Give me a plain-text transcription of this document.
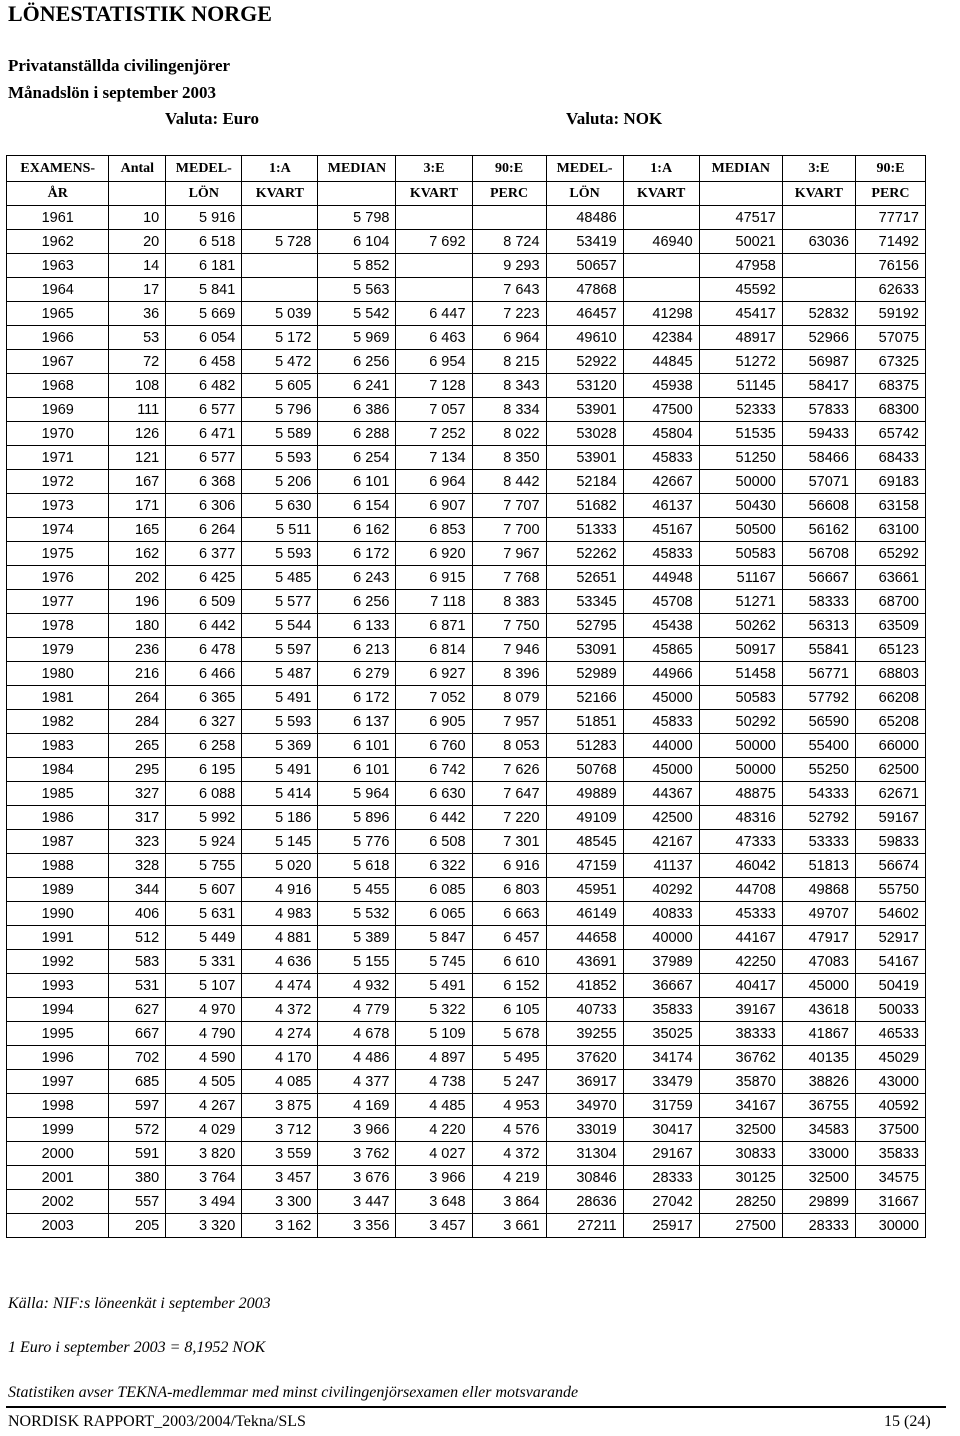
LÖNESTATISTIK NORGE
Privatanställda civilingenjörer
Månadslön i september 2003
Valuta: Euro	Valuta: NOK
EXAMENS-	Antal	MEDEL-	1:A	MEDIAN	3:E	90:E	MEDEL-	1:A	MEDIAN	3:E	90:E
ÅR		LÖN	KVART		KVART	PERC	LÖN	KVART		KVART	PERC
1961	10	5 916		5 798			48486		47517		77717
1962	20	6 518	5 728	6 104	7 692	8 724	53419	46940	50021	63036	71492
1963	14	6 181		5 852		9 293	50657		47958		76156
1964	17	5 841		5 563		7 643	47868		45592		62633
1965	36	5 669	5 039	5 542	6 447	7 223	46457	41298	45417	52832	59192
1966	53	6 054	5 172	5 969	6 463	6 964	49610	42384	48917	52966	57075
1967	72	6 458	5 472	6 256	6 954	8 215	52922	44845	51272	56987	67325
1968	108	6 482	5 605	6 241	7 128	8 343	53120	45938	51145	58417	68375
1969	111	6 577	5 796	6 386	7 057	8 334	53901	47500	52333	57833	68300
1970	126	6 471	5 589	6 288	7 252	8 022	53028	45804	51535	59433	65742
1971	121	6 577	5 593	6 254	7 134	8 350	53901	45833	51250	58466	68433
1972	167	6 368	5 206	6 101	6 964	8 442	52184	42667	50000	57071	69183
1973	171	6 306	5 630	6 154	6 907	7 707	51682	46137	50430	56608	63158
1974	165	6 264	5 511	6 162	6 853	7 700	51333	45167	50500	56162	63100
1975	162	6 377	5 593	6 172	6 920	7 967	52262	45833	50583	56708	65292
1976	202	6 425	5 485	6 243	6 915	7 768	52651	44948	51167	56667	63661
1977	196	6 509	5 577	6 256	7 118	8 383	53345	45708	51271	58333	68700
1978	180	6 442	5 544	6 133	6 871	7 750	52795	45438	50262	56313	63509
1979	236	6 478	5 597	6 213	6 814	7 946	53091	45865	50917	55841	65123
1980	216	6 466	5 487	6 279	6 927	8 396	52989	44966	51458	56771	68803
1981	264	6 365	5 491	6 172	7 052	8 079	52166	45000	50583	57792	66208
1982	284	6 327	5 593	6 137	6 905	7 957	51851	45833	50292	56590	65208
1983	265	6 258	5 369	6 101	6 760	8 053	51283	44000	50000	55400	66000
1984	295	6 195	5 491	6 101	6 742	7 626	50768	45000	50000	55250	62500
1985	327	6 088	5 414	5 964	6 630	7 647	49889	44367	48875	54333	62671
1986	317	5 992	5 186	5 896	6 442	7 220	49109	42500	48316	52792	59167
1987	323	5 924	5 145	5 776	6 508	7 301	48545	42167	47333	53333	59833
1988	328	5 755	5 020	5 618	6 322	6 916	47159	41137	46042	51813	56674
1989	344	5 607	4 916	5 455	6 085	6 803	45951	40292	44708	49868	55750
1990	406	5 631	4 983	5 532	6 065	6 663	46149	40833	45333	49707	54602
1991	512	5 449	4 881	5 389	5 847	6 457	44658	40000	44167	47917	52917
1992	583	5 331	4 636	5 155	5 745	6 610	43691	37989	42250	47083	54167
1993	531	5 107	4 474	4 932	5 491	6 152	41852	36667	40417	45000	50419
1994	627	4 970	4 372	4 779	5 322	6 105	40733	35833	39167	43618	50033
1995	667	4 790	4 274	4 678	5 109	5 678	39255	35025	38333	41867	46533
1996	702	4 590	4 170	4 486	4 897	5 495	37620	34174	36762	40135	45029
1997	685	4 505	4 085	4 377	4 738	5 247	36917	33479	35870	38826	43000
1998	597	4 267	3 875	4 169	4 485	4 953	34970	31759	34167	36755	40592
1999	572	4 029	3 712	3 966	4 220	4 576	33019	30417	32500	34583	37500
2000	591	3 820	3 559	3 762	4 027	4 372	31304	29167	30833	33000	35833
2001	380	3 764	3 457	3 676	3 966	4 219	30846	28333	30125	32500	34575
2002	557	3 494	3 300	3 447	3 648	3 864	28636	27042	28250	29899	31667
2003	205	3 320	3 162	3 356	3 457	3 661	27211	25917	27500	28333	30000
Källa: NIF:s löneenkät i september 2003
1 Euro i september 2003 = 8,1952 NOK
Statistiken avser TEKNA-medlemmar med minst civilingenjörsexamen eller motsvarande
NORDISK RAPPORT_2003/2004/Tekna/SLS	15 (24)
